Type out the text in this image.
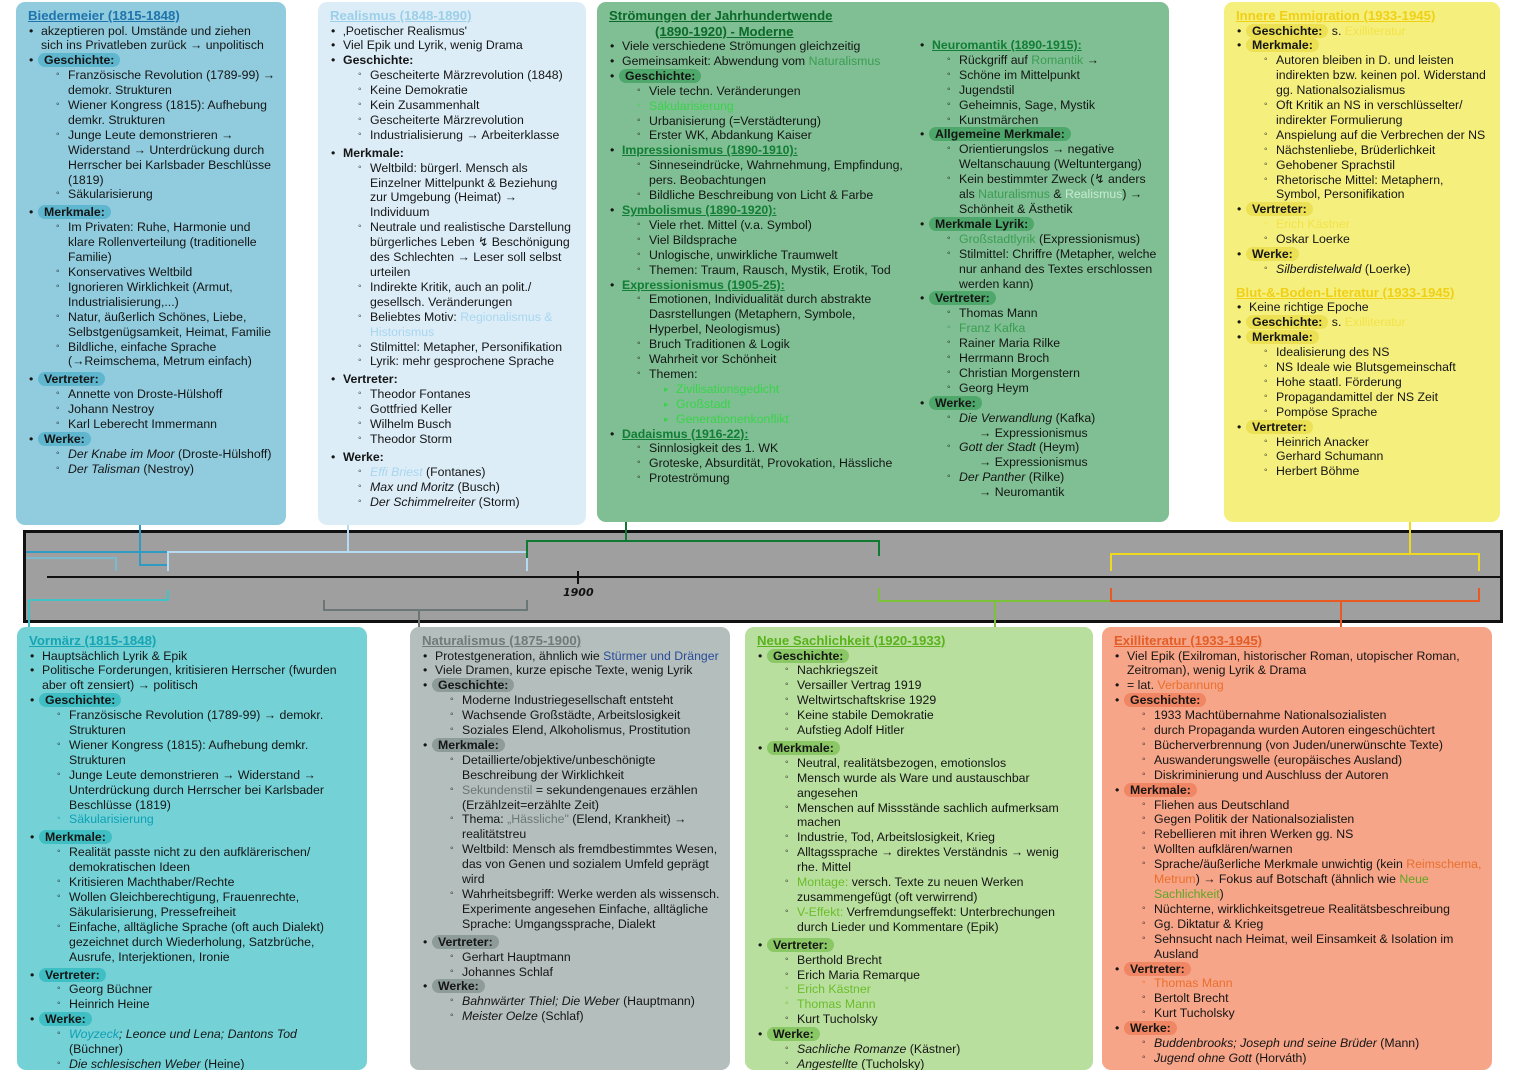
1900
Biedermeier (1815-1848)
• akzeptieren pol. Umstände und ziehen sich ins Privatleben zurück → unpolitisch
• Geschichte:
◦ Französische Revolution (1789-99) → demokr. Strukturen
◦ Wiener Kongress (1815): Aufhebung demkr. Strukturen
◦ Junge Leute demonstrieren → Widerstand → Unterdrückung durch Herrscher bei Karlsbader Beschlüsse (1819)
◦ Säkularisierung
• Merkmale:
◦ Im Privaten: Ruhe, Harmonie und klare Rollenverteilung (traditionelle Familie)
◦ Konservatives Weltbild
◦ Ignorieren Wirklichkeit (Armut, Industrialisierung,...)
◦ Natur, äußerlich Schönes, Liebe, Selbstgenügsamkeit, Heimat, Familie
◦ Bildliche, einfache Sprache (→Reimschema, Metrum einfach)
• Vertreter:
◦ Annette von Droste-Hülshoff
◦ Johann Nestroy
◦ Karl Leberecht Immermann
• Werke:
◦ Der Knabe im Moor (Droste-Hülshoff)
◦ Der Talisman (Nestroy)
Realismus (1848-1890)
• ‚Poetischer Realismus'
• Viel Epik und Lyrik, wenig Drama
• Geschichte:
◦ Gescheiterte Märzrevolution (1848)
◦ Keine Demokratie
◦ Kein Zusammenhalt
◦ Gescheiterte Märzrevolution
◦ Industrialisierung → Arbeiterklasse
• Merkmale:
◦ Weltbild: bürgerl. Mensch als Einzelner Mittelpunkt & Beziehung zur Umgebung (Heimat) → Individuum
◦ Neutrale und realistische Darstellung bürgerliches Leben ↯ Beschönigung des Schlechten → Leser soll selbst urteilen
◦ Indirekte Kritik, auch an polit./ gesellsch. Veränderungen
◦ Beliebtes Motiv: Regionalismus & Historismus
◦ Stilmittel: Metapher, Personifikation
◦ Lyrik: mehr gesprochene Sprache
• Vertreter:
◦ Theodor Fontanes
◦ Gottfried Keller
◦ Wilhelm Busch
◦ Theodor Storm
• Werke:
◦ Effi Briest (Fontanes)
◦ Max und Moritz (Busch)
◦ Der Schimmelreiter (Storm)
Strömungen der Jahrhundertwende
(1890-1920) - Moderne
• Viele verschiedene Strömungen gleichzeitig
• Gemeinsamkeit: Abwendung vom Naturalismus
• Geschichte:
◦ Viele techn. Veränderungen
◦ Säkularisierung
◦ Urbanisierung (=Verstädterung)
◦ Erster WK, Abdankung Kaiser
• Impressionismus (1890-1910):
◦ Sinneseindrücke, Wahrnehmung, Empfindung, pers. Beobachtungen
◦ Bildliche Beschreibung von Licht & Farbe
• Symbolismus (1890-1920):
◦ Viele rhet. Mittel (v.a. Symbol)
◦ Viel Bildsprache
◦ Unlogische, unwirkliche Traumwelt
◦ Themen: Traum, Rausch, Mystik, Erotik, Tod
• Expressionismus (1905-25):
◦ Emotionen, Individualität durch abstrakte Dasrstellungen (Metaphern, Symbole, Hyperbel, Neologismus)
◦ Bruch Traditionen & Logik
◦ Wahrheit vor Schönheit
◦ Themen:
▸ Zivilisationsgedicht
▸ Großstadt
▸ Generationenkonflikt
• Dadaismus (1916-22):
◦ Sinnlosigkeit des 1. WK
◦ Groteske, Absurdität, Provokation, Hässliche
◦ Proteströmung
• Neuromantik (1890-1915):
◦ Rückgriff auf Romantik →
◦ Schöne im Mittelpunkt
◦ Jugendstil
◦ Geheimnis, Sage, Mystik
◦ Kunstmärchen
• Allgemeine Merkmale:
◦ Orientierungslos → negative Weltanschauung (Weltuntergang)
◦ Kein bestimmter Zweck (↯ anders als Naturalismus & Realismus) → Schönheit & Ästhetik
• Merkmale Lyrik:
◦ Großstadtlyrik (Expressionismus)
◦ Stilmittel: Chriffre (Metapher, welche nur anhand des Textes erschlossen werden kann)
• Vertreter:
◦ Thomas Mann
◦ Franz Kafka
◦ Rainer Maria Rilke
◦ Herrmann Broch
◦ Christian Morgenstern
◦ Georg Heym
• Werke:
◦ Die Verwandlung (Kafka)
→ Expressionismus
◦ Gott der Stadt (Heym)
→ Expressionismus
◦ Der Panther (Rilke)
→ Neuromantik
Innere Emmigration (1933-1945)
• Geschichte: s. Exilliteratur
• Merkmale:
◦ Autoren bleiben in D. und leisten indirekten bzw. keinen pol. Widerstand gg. Nationalsozialismus
◦ Oft Kritik an NS in verschlüsselter/ indirekter Formulierung
◦ Anspielung auf die Verbrechen der NS
◦ Nächstenliebe, Brüderlichkeit
◦ Gehobener Sprachstil
◦ Rhetorische Mittel: Metaphern, Symbol, Personifikation
• Vertreter:
◦ Erich Kästner
◦ Oskar Loerke
• Werke:
◦ Silberdistelwald (Loerke)
Blut-&-Boden-Literatur (1933-1945)
• Keine richtige Epoche
• Geschichte: s. Exilliteratur
• Merkmale:
◦ Idealisierung des NS
◦ NS Ideale wie Blutsgemeinschaft
◦ Hohe staatl. Förderung
◦ Propagandamittel der NS Zeit
◦ Pompöse Sprache
• Vertreter:
◦ Heinrich Anacker
◦ Gerhard Schumann
◦ Herbert Böhme
Vormärz (1815-1848)
• Hauptsächlich Lyrik & Epik
• Politische Forderungen, kritisieren Herrscher (fwurden aber oft zensiert) → politisch
• Geschichte:
◦ Französische Revolution (1789-99) → demokr. Strukturen
◦ Wiener Kongress (1815): Aufhebung demkr. Strukturen
◦ Junge Leute demonstrieren → Widerstand → Unterdrückung durch Herrscher bei Karlsbader Beschlüsse (1819)
◦ Säkularisierung
• Merkmale:
◦ Realität passte nicht zu den aufklärerischen/ demokratischen Ideen
◦ Kritisieren Machthaber/Rechte
◦ Wollen Gleichberechtigung, Frauenrechte, Säkularisierung, Pressefreiheit
◦ Einfache, alltägliche Sprache (oft auch Dialekt) gezeichnet durch Wiederholung, Satzbrüche, Ausrufe, Interjektionen, Ironie
• Vertreter:
◦ Georg Büchner
◦ Heinrich Heine
• Werke:
◦ Woyzeck; Leonce und Lena; Dantons Tod
(Büchner)
◦ Die schlesischen Weber (Heine)
Naturalismus (1875-1900)
• Protestgeneration, ähnlich wie Stürmer und Dränger
• Viele Dramen, kurze epische Texte, wenig Lyrik
• Geschichte:
◦ Moderne Industriegesellschaft entsteht
◦ Wachsende Großstädte, Arbeitslosigkeit
◦ Soziales Elend, Alkoholismus, Prostitution
• Merkmale:
◦ Detaillierte/objektive/unbeschönigte Beschreibung der Wirklichkeit
◦ Sekundenstil = sekundengenaues erzählen (Erzählzeit=erzählte Zeit)
◦ Thema: „Hässliche" (Elend, Krankheit) → realitätstreu
◦ Weltbild: Mensch als fremdbestimmtes Wesen, das von Genen und sozialem Umfeld geprägt wird
◦ Wahrheitsbegriff: Werke werden als wissensch. Experimente angesehen Einfache, alltägliche Sprache: Umgangssprache, Dialekt
• Vertreter:
◦ Gerhart Hauptmann
◦ Johannes Schlaf
• Werke:
◦ Bahnwärter Thiel; Die Weber (Hauptmann)
◦ Meister Oelze (Schlaf)
Neue Sachlichkeit (1920-1933)
• Geschichte:
◦ Nachkriegszeit
◦ Versailler Vertrag 1919
◦ Weltwirtschaftskrise 1929
◦ Keine stabile Demokratie
◦ Aufstieg Adolf Hitler
• Merkmale:
◦ Neutral, realitätsbezogen, emotionslos
◦ Mensch wurde als Ware und austauschbar angesehen
◦ Menschen auf Missstände sachlich aufmerksam machen
◦ Industrie, Tod, Arbeitslosigkeit, Krieg
◦ Alltagssprache → direktes Verständnis → wenig rhe. Mittel
◦ Montage: versch. Texte zu neuen Werken zusammengefügt (oft verwirrend)
◦ V-Effekt: Verfremdungseffekt: Unterbrechungen durch Lieder und Kommentare (Epik)
• Vertreter:
◦ Berthold Brecht
◦ Erich Maria Remarque
◦ Erich Kästner
◦ Thomas Mann
◦ Kurt Tucholsky
• Werke:
◦ Sachliche Romanze (Kästner)
◦ Angestellte (Tucholsky)
Exilliteratur (1933-1945)
• Viel Epik (Exilroman, historischer Roman, utopischer Roman, Zeitroman), wenig Lyrik & Drama
• = lat. Verbannung
• Geschichte:
◦ 1933 Machtübernahme Nationalsozialisten
◦ durch Propaganda wurden Autoren eingeschüchtert
◦ Bücherverbrennung (von Juden/unerwünschte Texte)
◦ Auswanderungswelle (europäisches Ausland)
◦ Diskriminierung und Auschluss der Autoren
• Merkmale:
◦ Fliehen aus Deutschland
◦ Gegen Politik der Nationalsozialisten
◦ Rebellieren mit ihren Werken gg. NS
◦ Wollten aufklären/warnen
◦ Sprache/äußerliche Merkmale unwichtig (kein Reimschema, Metrum) → Fokus auf Botschaft (ähnlich wie Neue Sachlichkeit)
◦ Nüchterne, wirklichkeitsgetreue Realitätsbeschreibung
◦ Gg. Diktatur & Krieg
◦ Sehnsucht nach Heimat, weil Einsamkeit & Isolation im Ausland
• Vertreter:
◦ Thomas Mann
◦ Bertolt Brecht
◦ Kurt Tucholsky
• Werke:
◦ Buddenbrooks; Joseph und seine Brüder (Mann)
◦ Jugend ohne Gott (Horváth)
